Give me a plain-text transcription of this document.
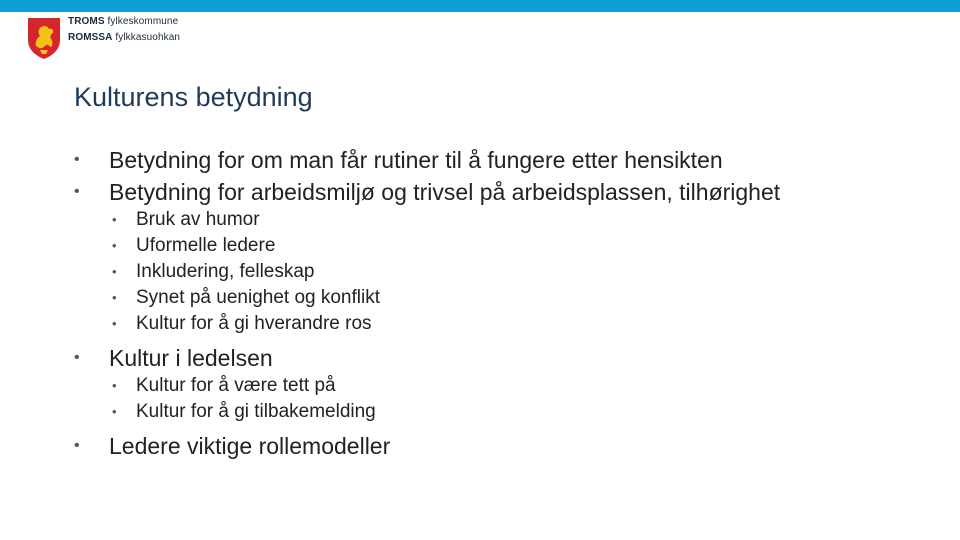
TROMS fylkeskommune
ROMSSA fylkkasuohkan
Kulturens betydning
• Betydning for om man får rutiner til å fungere etter hensikten
• Betydning for arbeidsmiljø og trivsel på arbeidsplassen, tilhørighet
• Bruk av humor
• Uformelle ledere
• Inkludering, felleskap
• Synet på uenighet og konflikt
• Kultur for å gi hverandre ros
• Kultur i ledelsen
• Kultur for å være tett på
• Kultur for å gi tilbakemelding
• Ledere viktige rollemodeller
